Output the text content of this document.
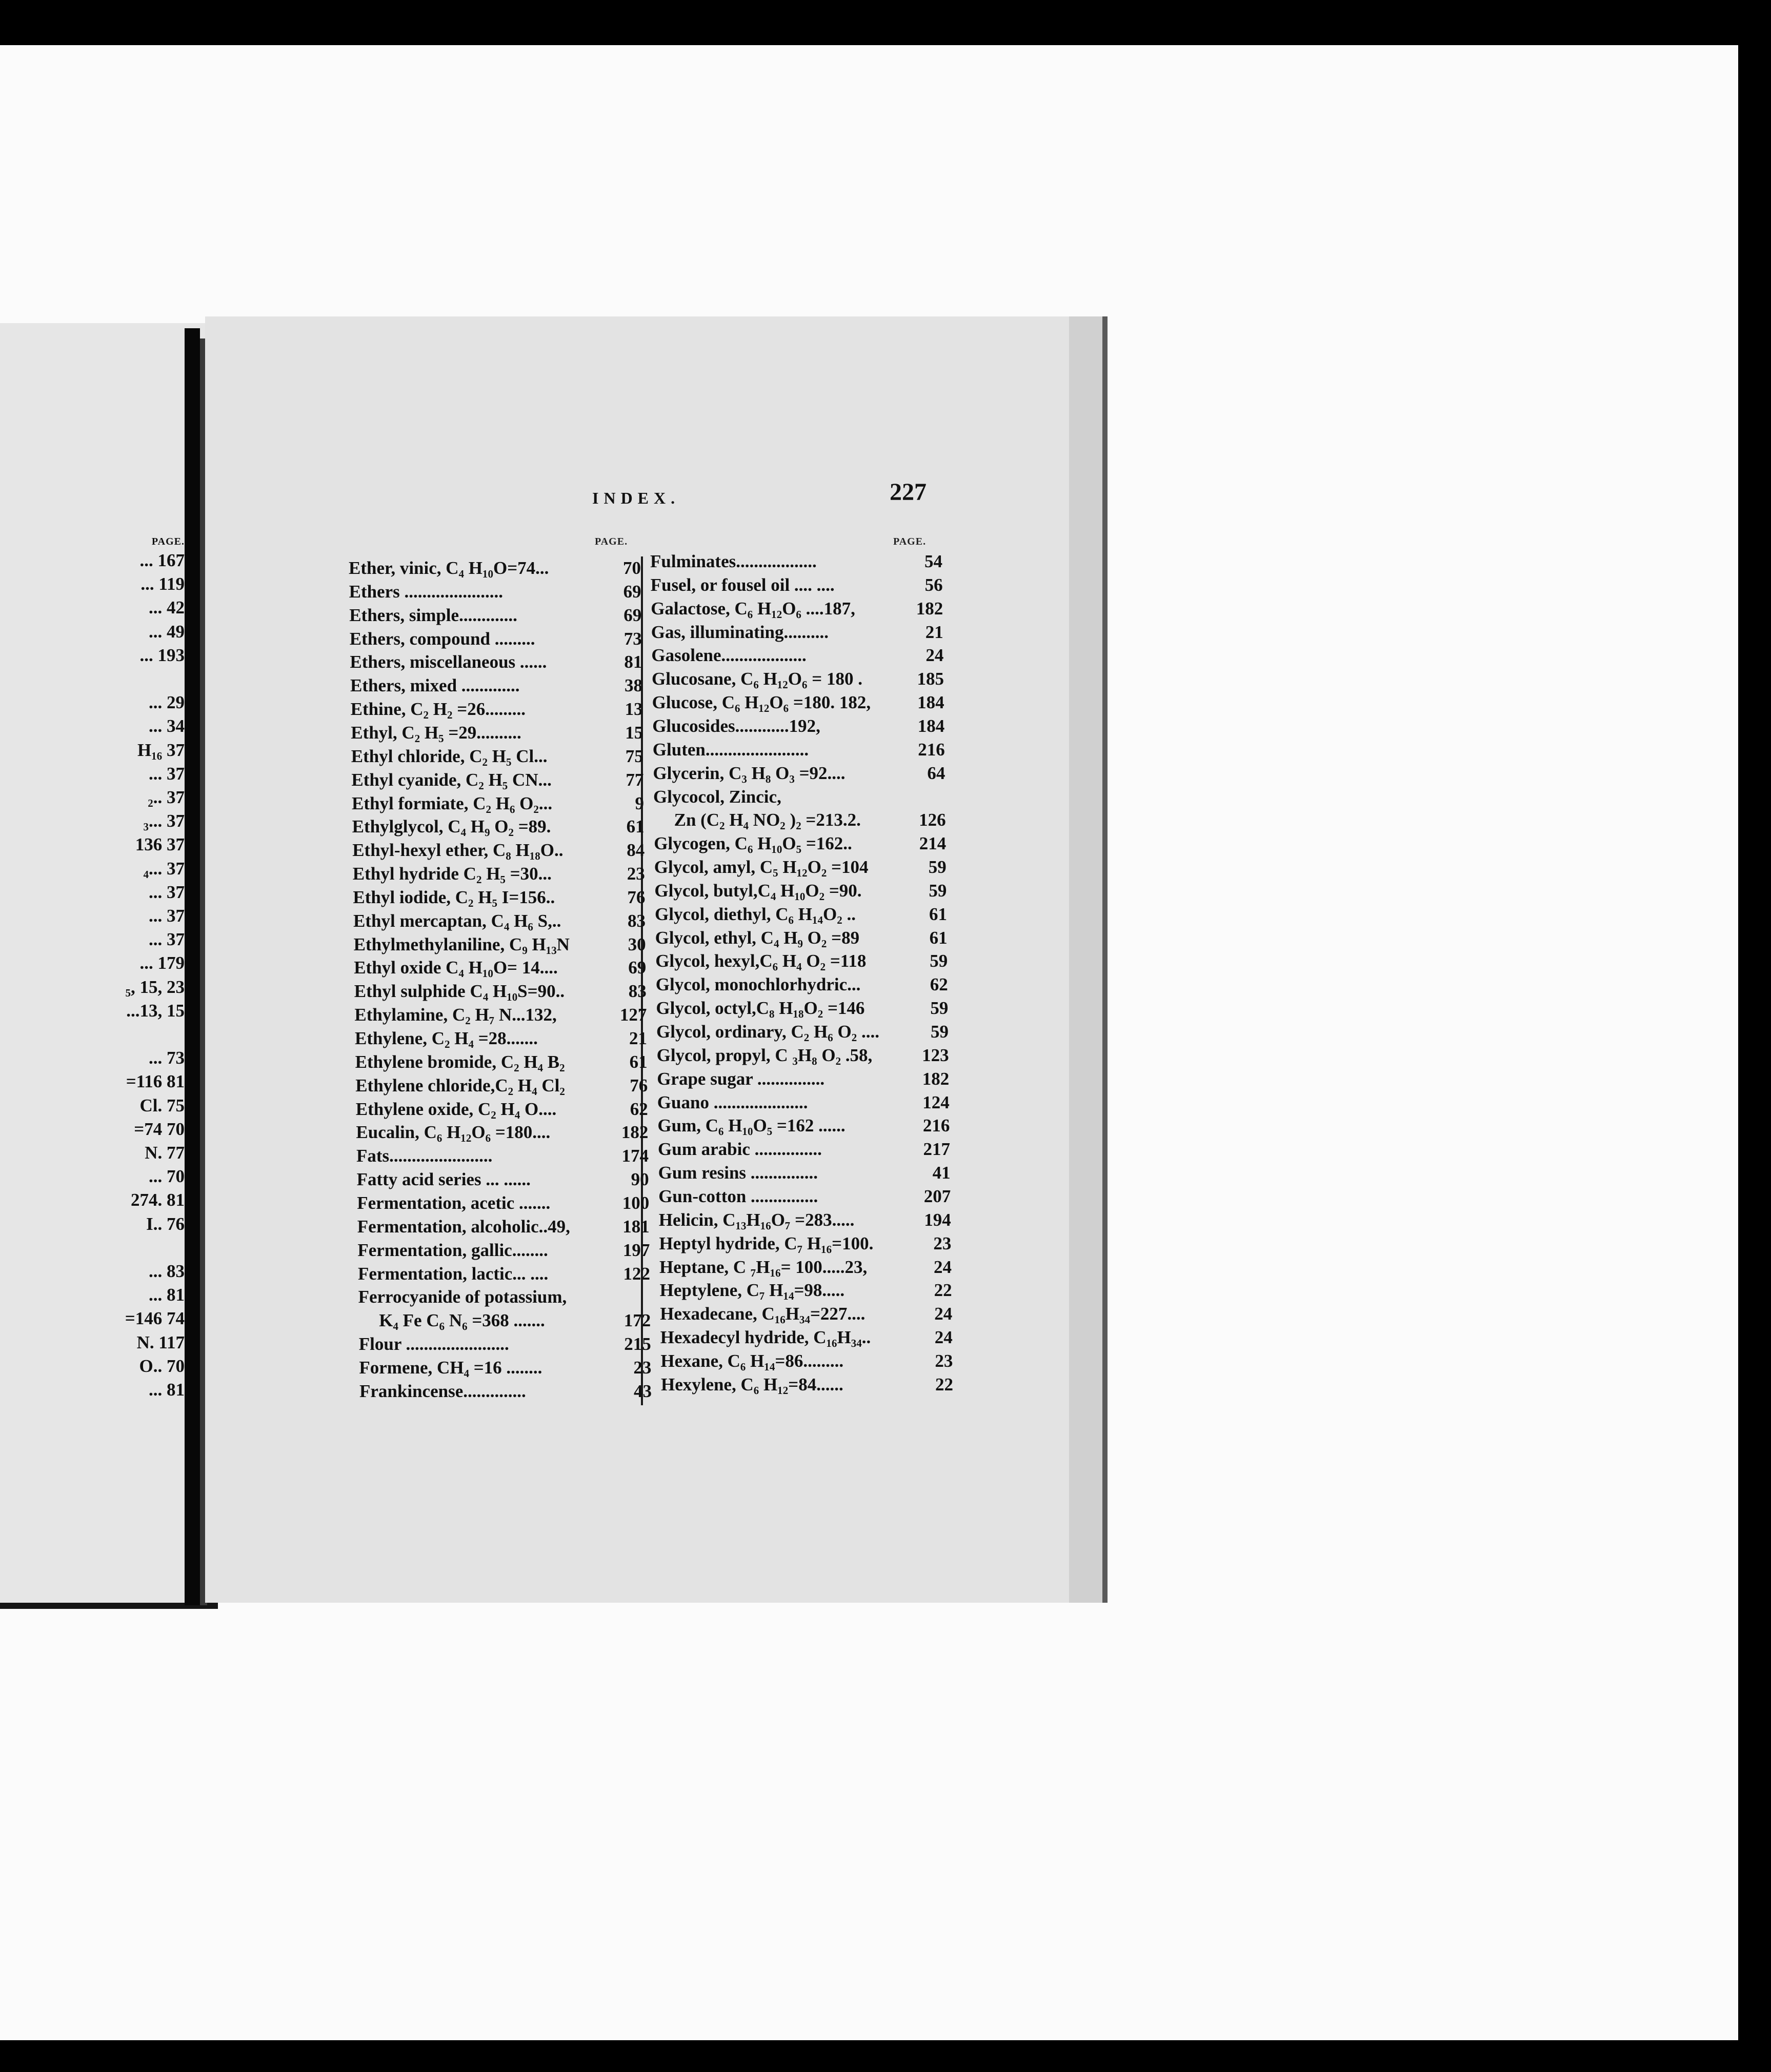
PAGE.
... 167
... 119
... 42
... 49
... 193
... 29
... 34
H₁₆ 37
... 37
₂.. 37
₃... 37
136 37
₄... 37
... 37
... 37
... 37
... 179
₅, 15, 23
...13, 15
... 73
=116 81
Cl. 75
=74 70
N. 77
... 70
274. 81
I.. 76
... 83
... 81
=146 74
N. 117
O.. 70
... 81
INDEX.	227
PAGE.	PAGE.
Ether, vinic, C₄ H₁₀O=74...	70
Ethers ......................	69
Ethers, simple.............	69
Ethers, compound .........	73
Ethers, miscellaneous ......	81
Ethers, mixed .............	38
Ethine, C₂ H₂ =26.........	13
Ethyl, C₂ H₅ =29..........	15
Ethyl chloride, C₂ H₅ Cl...	75
Ethyl cyanide, C₂ H₅ CN...	77
Ethyl formiate, C₂ H₆ O₂...	9
Ethylglycol, C₄ H₉ O₂ =89.	61
Ethyl-hexyl ether, C₈ H₁₈O..	84
Ethyl hydride C₂ H₅ =30...	23
Ethyl iodide, C₂ H₅ I=156..	76
Ethyl mercaptan, C₄ H₆ S,..	83
Ethylmethylaniline, C₉ H₁₃N	30
Ethyl oxide C₄ H₁₀O= 14....	69
Ethyl sulphide C₄ H₁₀S=90..	83
Ethylamine, C₂ H₇ N...132,	127
Ethylene, C₂ H₄ =28.......	21
Ethylene bromide, C₂ H₄ B₂	61
Ethylene chloride,C₂ H₄ Cl₂	76
Ethylene oxide, C₂ H₄ O....	62
Eucalin, C₆ H₁₂O₆ =180....	182
Fats.......................	174
Fatty acid series ... ......	90
Fermentation, acetic .......	100
Fermentation, alcoholic..49,	181
Fermentation, gallic........	197
Fermentation, lactic... ....	122
Ferrocyanide of potassium,
K₄ Fe C₆ N₆ =368 .......	172
Flour .......................	215
Formene, CH₄ =16 ........	23
Frankincense..............	43
Fulminates..................	54
Fusel, or fousel oil .... ....	56
Galactose, C₆ H₁₂O₆ ....187,	182
Gas, illuminating..........	21
Gasolene...................	24
Glucosane, C₆ H₁₂O₆ = 180 .	185
Glucose, C₆ H₁₂O₆ =180. 182,	184
Glucosides............192,	184
Gluten.......................	216
Glycerin, C₃ H₈ O₃ =92....	64
Glycocol, Zincic,
Zn (C₂ H₄ NO₂ )₂ =213.2.	126
Glycogen, C₆ H₁₀O₅ =162..	214
Glycol, amyl, C₅ H₁₂O₂ =104	59
Glycol, butyl,C₄ H₁₀O₂ =90.	59
Glycol, diethyl, C₆ H₁₄O₂ ..	61
Glycol, ethyl, C₄ H₉ O₂ =89	61
Glycol, hexyl,C₆ H₄ O₂ =118	59
Glycol, monochlorhydric...	62
Glycol, octyl,C₈ H₁₈O₂ =146	59
Glycol, ordinary, C₂ H₆ O₂ ....	59
Glycol, propyl, C ₃H₈ O₂ .58,	123
Grape sugar ...............	182
Guano .....................	124
Gum, C₆ H₁₀O₅ =162 ......	216
Gum arabic ...............	217
Gum resins ...............	41
Gun-cotton ...............	207
Helicin, C₁₃H₁₆O₇ =283.....	194
Heptyl hydride, C₇ H₁₆=100.	23
Heptane, C ₇H₁₆= 100.....23,	24
Heptylene, C₇ H₁₄=98.....	22
Hexadecane, C₁₆H₃₄=227....	24
Hexadecyl hydride, C₁₆H₃₄..	24
Hexane, C₆ H₁₄=86.........	23
Hexylene, C₆ H₁₂=84......	22
